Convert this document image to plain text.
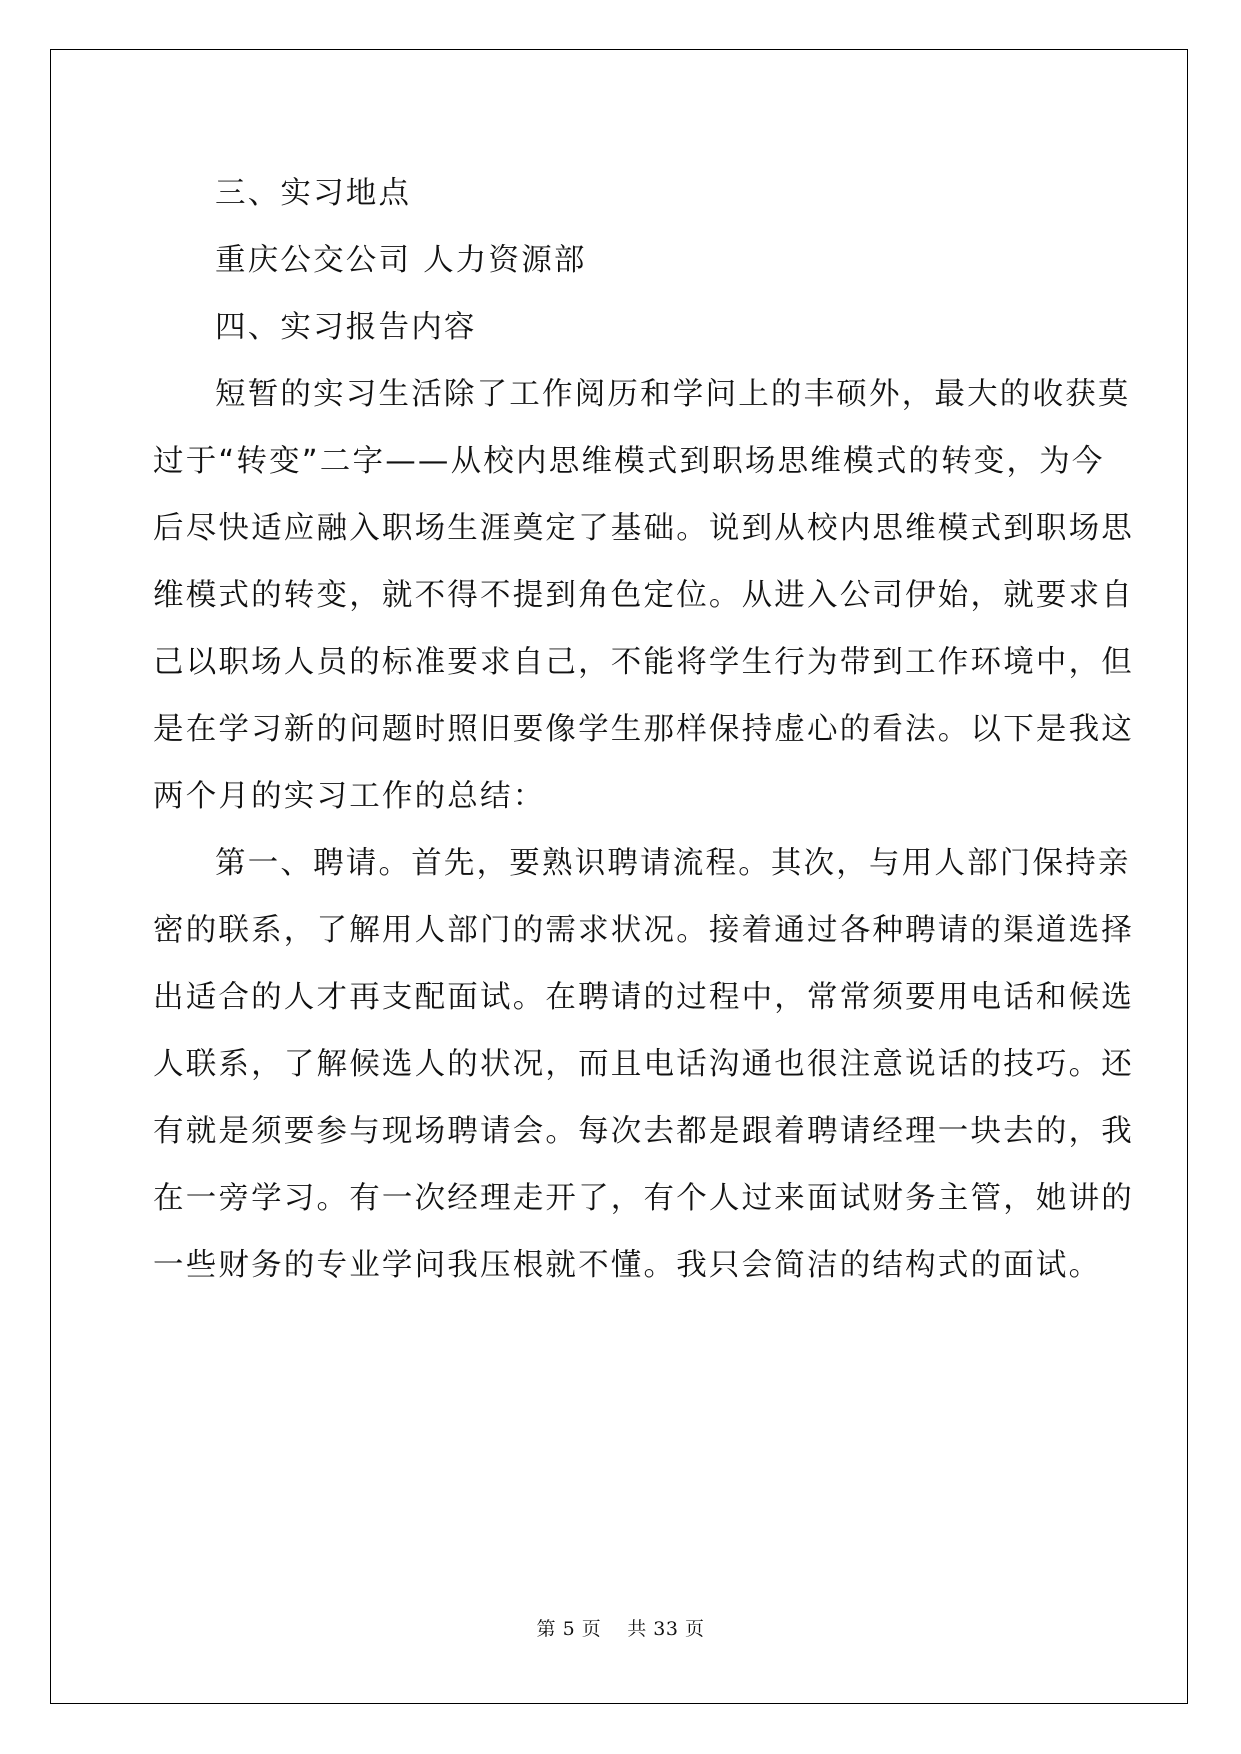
三、实习地点

重庆公交公司 人力资源部

四、实习报告内容

短暂的实习生活除了工作阅历和学问上的丰硕外，最大的收获莫

过于“转变”二字——从校内思维模式到职场思维模式的转变，为今

后尽快适应融入职场生涯奠定了基础。说到从校内思维模式到职场思

维模式的转变，就不得不提到角色定位。从进入公司伊始，就要求自

己以职场人员的标准要求自己，不能将学生行为带到工作环境中，但

是在学习新的问题时照旧要像学生那样保持虚心的看法。以下是我这

两个月的实习工作的总结：

第一、聘请。首先，要熟识聘请流程。其次，与用人部门保持亲

密的联系，了解用人部门的需求状况。接着通过各种聘请的渠道选择

出适合的人才再支配面试。在聘请的过程中，常常须要用电话和候选

人联系，了解候选人的状况，而且电话沟通也很注意说话的技巧。还

有就是须要参与现场聘请会。每次去都是跟着聘请经理一块去的，我

在一旁学习。有一次经理走开了，有个人过来面试财务主管，她讲的

一些财务的专业学问我压根就不懂。我只会简洁的结构式的面试。

第 5 页 共 33 页
